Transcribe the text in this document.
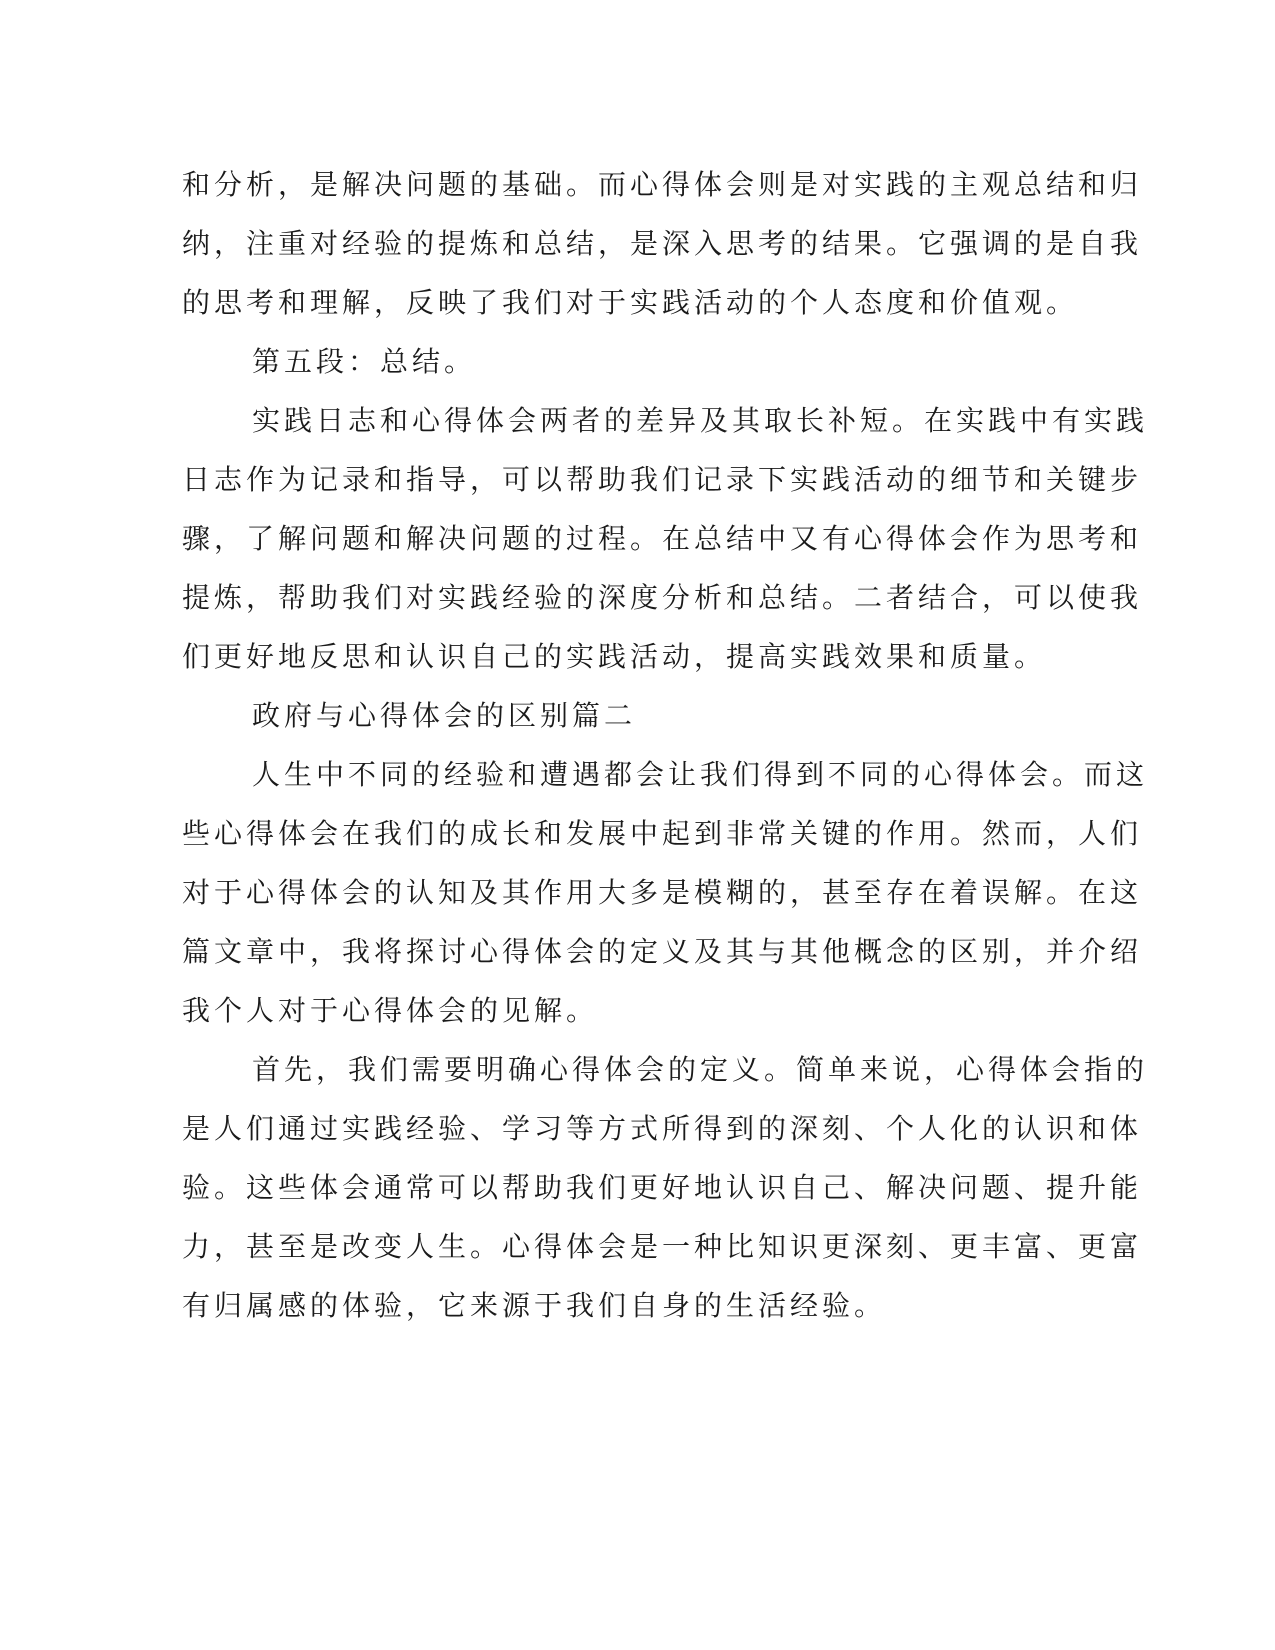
和分析，是解决问题的基础。而心得体会则是对实践的主观总结和归
纳，注重对经验的提炼和总结，是深入思考的结果。它强调的是自我
的思考和理解，反映了我们对于实践活动的个人态度和价值观。
第五段：总结。
实践日志和心得体会两者的差异及其取长补短。在实践中有实践
日志作为记录和指导，可以帮助我们记录下实践活动的细节和关键步
骤，了解问题和解决问题的过程。在总结中又有心得体会作为思考和
提炼，帮助我们对实践经验的深度分析和总结。二者结合，可以使我
们更好地反思和认识自己的实践活动，提高实践效果和质量。
政府与心得体会的区别篇二
人生中不同的经验和遭遇都会让我们得到不同的心得体会。而这
些心得体会在我们的成长和发展中起到非常关键的作用。然而，人们
对于心得体会的认知及其作用大多是模糊的，甚至存在着误解。在这
篇文章中，我将探讨心得体会的定义及其与其他概念的区别，并介绍
我个人对于心得体会的见解。
首先，我们需要明确心得体会的定义。简单来说，心得体会指的
是人们通过实践经验、学习等方式所得到的深刻、个人化的认识和体
验。这些体会通常可以帮助我们更好地认识自己、解决问题、提升能
力，甚至是改变人生。心得体会是一种比知识更深刻、更丰富、更富
有归属感的体验，它来源于我们自身的生活经验。
